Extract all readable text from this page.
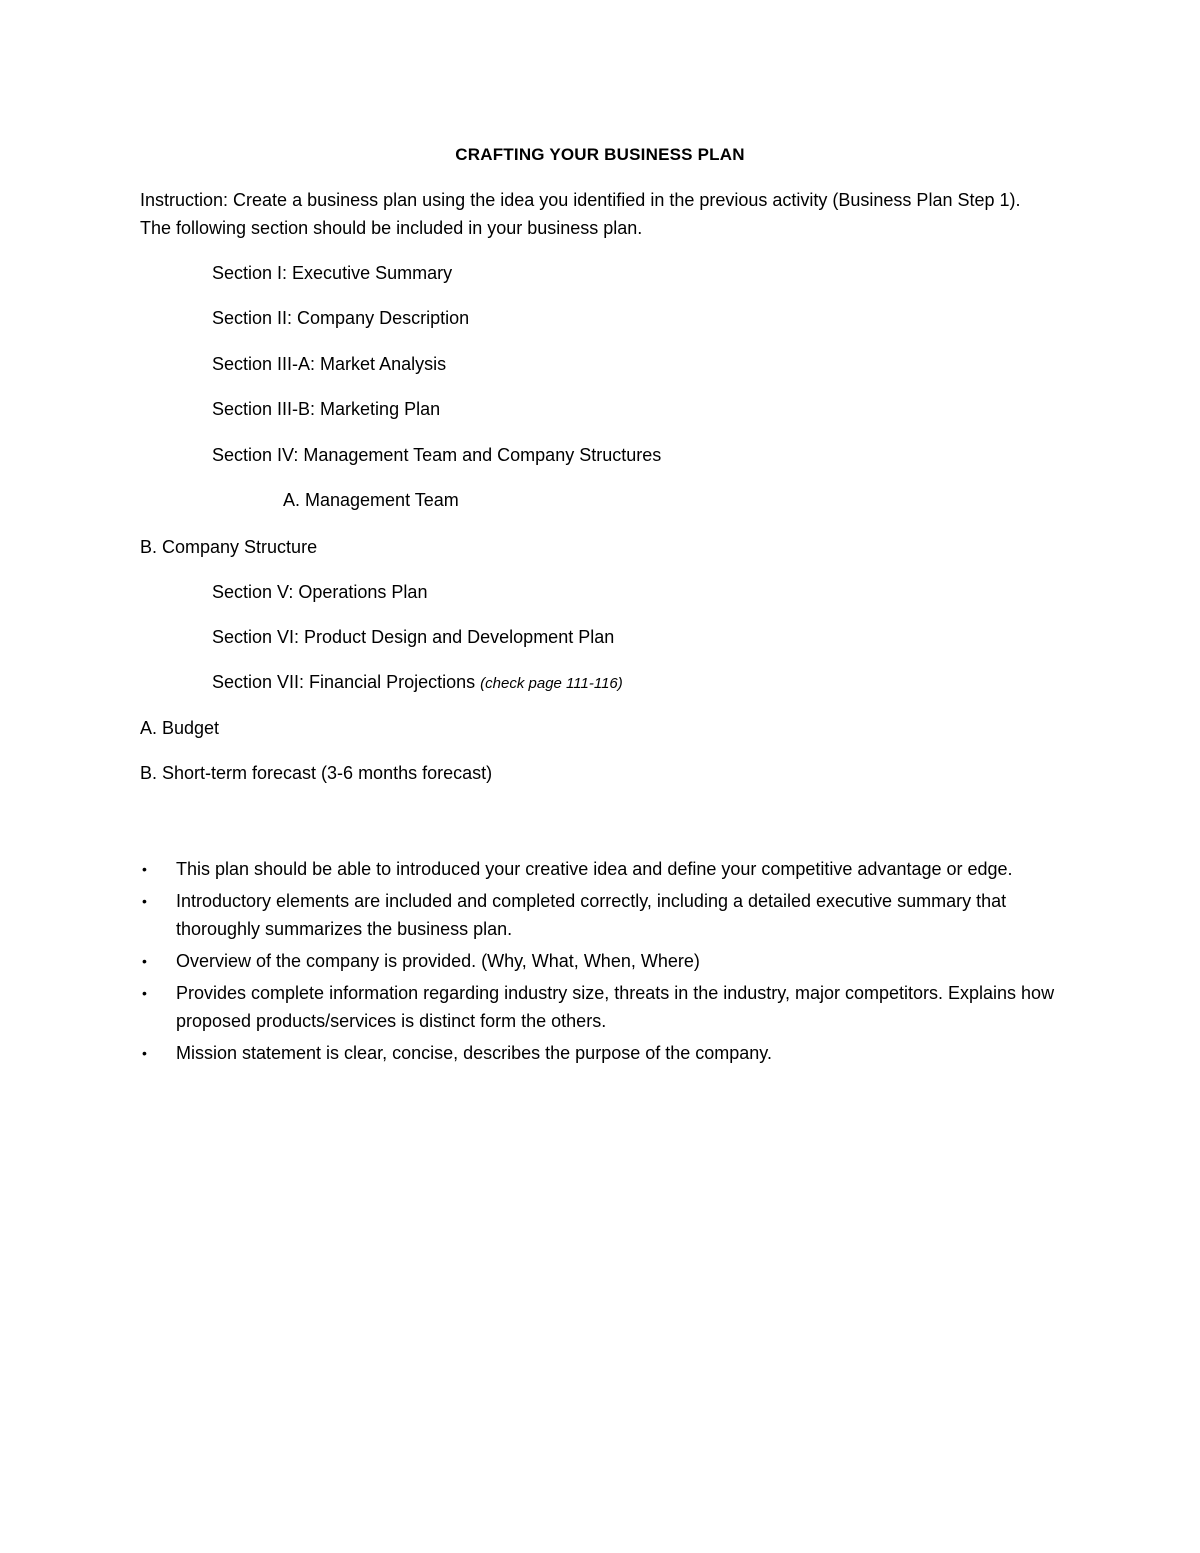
CRAFTING YOUR BUSINESS PLAN
Instruction: Create a business plan using the idea you identified in the previous activity (Business Plan Step 1). The following section should be included in your business plan.
Section I: Executive Summary
Section II: Company Description
Section III-A: Market Analysis
Section III-B: Marketing Plan
Section IV: Management Team and Company Structures
A. Management Team
B. Company Structure
Section V: Operations Plan
Section VI: Product Design and Development Plan
Section VII: Financial Projections (check page 111-116)
A. Budget
B. Short-term forecast (3-6 months forecast)
• This plan should be able to introduced your creative idea and define your competitive advantage or edge.
• Introductory elements are included and completed correctly, including a detailed executive summary that thoroughly summarizes the business plan.
• Overview of the company is provided. (Why, What, When, Where)
• Provides complete information regarding industry size, threats in the industry, major competitors. Explains how proposed products/services is distinct form the others.
• Mission statement is clear, concise, describes the purpose of the company.
